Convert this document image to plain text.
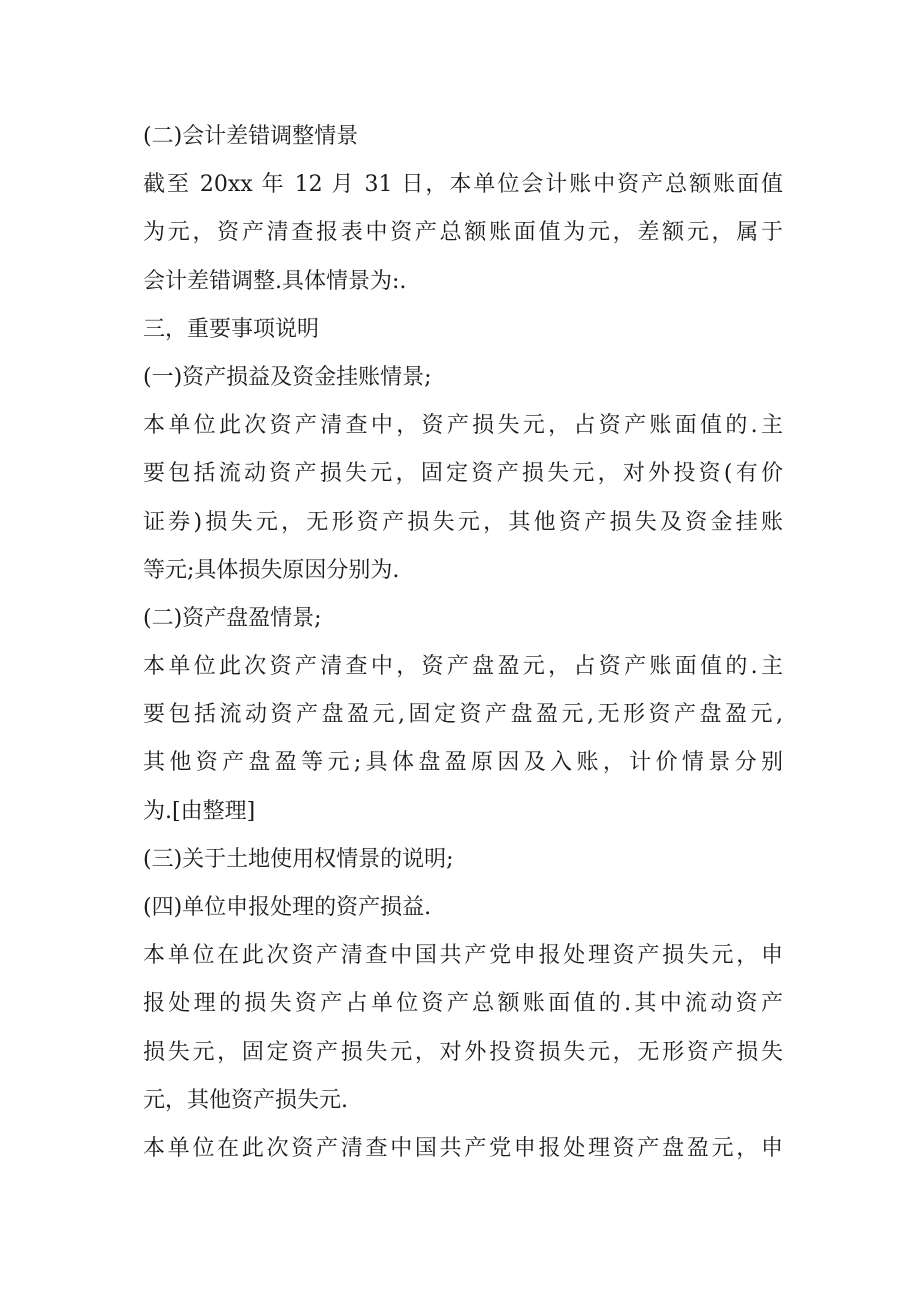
(二)会计差错调整情景
截至 20xx 年 12 月 31 日，本单位会计账中资产总额账面值
为元，资产清查报表中资产总额账面值为元，差额元，属于
会计差错调整.具体情景为:.
三，重要事项说明
(一)资产损益及资金挂账情景;
本单位此次资产清查中，资产损失元，占资产账面值的.主
要包括流动资产损失元，固定资产损失元，对外投资(有价
证券)损失元，无形资产损失元，其他资产损失及资金挂账
等元;具体损失原因分别为.
(二)资产盘盈情景;
本单位此次资产清查中，资产盘盈元，占资产账面值的.主
要包括流动资产盘盈元,固定资产盘盈元,无形资产盘盈元,
其他资产盘盈等元;具体盘盈原因及入账，计价情景分别
为.[由整理]
(三)关于土地使用权情景的说明;
(四)单位申报处理的资产损益.
本单位在此次资产清查中国共产党申报处理资产损失元，申
报处理的损失资产占单位资产总额账面值的.其中流动资产
损失元，固定资产损失元，对外投资损失元，无形资产损失
元，其他资产损失元.
本单位在此次资产清查中国共产党申报处理资产盘盈元，申
